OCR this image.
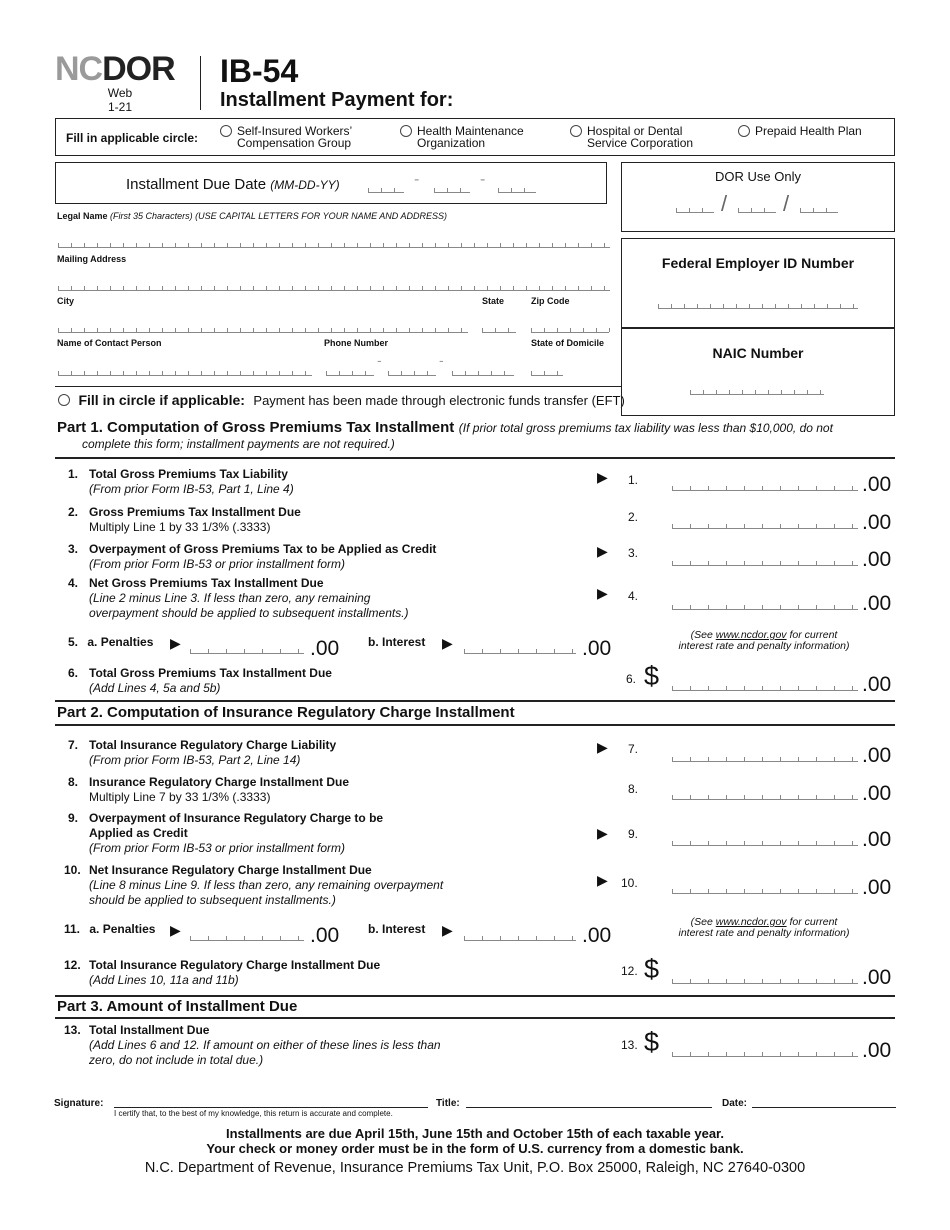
NCDOR
Web
1-21
IB-54
Installment Payment for:
Fill in applicable circle:	Self-Insured Workers’
Compensation Group
Health Maintenance
Organization
Hospital or Dental
Service Corporation
Prepaid Health Plan
Installment Due Date (MM-DD-YY)	-	-	DOR Use Only
/	/
Legal Name (First 35 Characters) (USE CAPITAL LETTERS FOR YOUR NAME AND ADDRESS)
Mailing Address
City	State	Zip Code
Name of Contact Person	Phone Number	State of Domicile
-	-
Fill in circle if applicable: Payment has been made through electronic funds transfer (EFT)
Federal Employer ID Number
NAIC Number
Part 1. Computation of Gross Premiums Tax Installment (If prior total gross premiums tax liability was less than $10,000, do not
complete this form; installment payments are not required.)
1. Total Gross Premiums Tax Liability
(From prior Form IB-53, Part 1, Line 4)
▶ 1.	.00
2. Gross Premiums Tax Installment Due
Multiply Line 1 by 33 1/3% (.3333)
2.	.00
3. Overpayment of Gross Premiums Tax to be Applied as Credit
(From prior Form IB-53 or prior installment form)
▶ 3.	.00
4. Net Gross Premiums Tax Installment Due
(Line 2 minus Line 3. If less than zero, any remaining
overpayment should be applied to subsequent installments.)
▶ 4.	.00
5. a. Penalties ▶	.00 b. Interest ▶	.00
(See www.ncdor.gov for current
interest rate and penalty information)
6. Total Gross Premiums Tax Installment Due
(Add Lines 4, 5a and 5b)
6. $	.00
Part 2. Computation of Insurance Regulatory Charge Installment
7. Total Insurance Regulatory Charge Liability
(From prior Form IB-53, Part 2, Line 14)
▶ 7.	.00
8. Insurance Regulatory Charge Installment Due
Multiply Line 7 by 33 1/3% (.3333)
8.	.00
9. Overpayment of Insurance Regulatory Charge to be
Applied as Credit
(From prior Form IB-53 or prior installment form)
▶ 9.	.00
10. Net Insurance Regulatory Charge Installment Due
(Line 8 minus Line 9. If less than zero, any remaining overpayment
should be applied to subsequent installments.)
▶ 10.	.00
11. a. Penalties ▶	.00 b. Interest ▶	.00
(See www.ncdor.gov for current
interest rate and penalty information)
12. Total Insurance Regulatory Charge Installment Due
(Add Lines 10, 11a and 11b)
12. $	.00
Part 3. Amount of Installment Due
13. Total Installment Due
(Add Lines 6 and 12. If amount on either of these lines is less than
zero, do not include in total due.)
13. $	.00
Signature:
I certify that, to the best of my knowledge, this return is accurate and complete.
Title:	Date:
Installments are due April 15th, June 15th and October 15th of each taxable year.
Your check or money order must be in the form of U.S. currency from a domestic bank.
N.C. Department of Revenue, Insurance Premiums Tax Unit, P.O. Box 25000, Raleigh, NC 27640-0300
